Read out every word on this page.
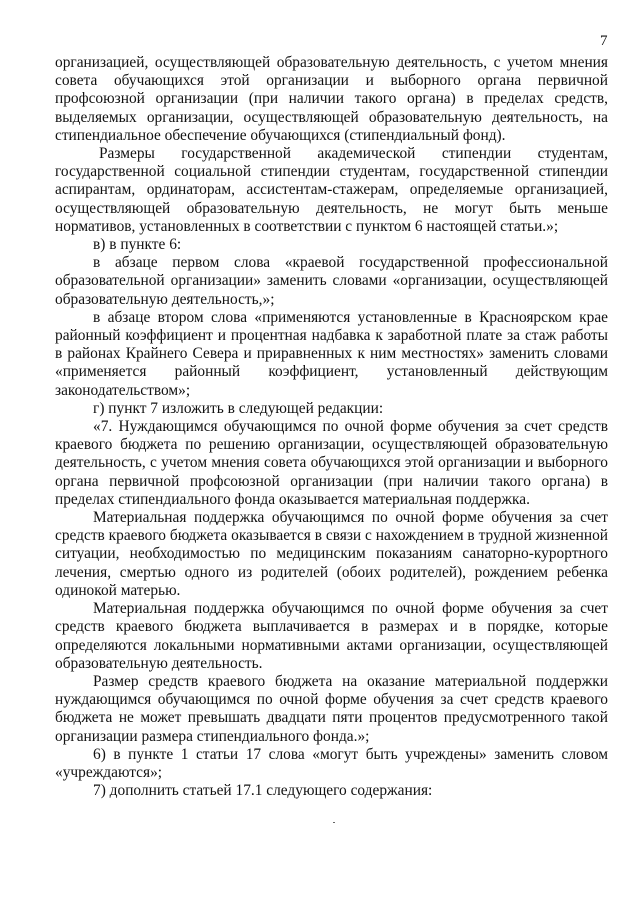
7

организацией, осуществляющей образовательную деятельность, с учетом мнения совета обучающихся этой организации и выборного органа первичной профсоюзной организации (при наличии такого органа) в пределах средств, выделяемых организации, осуществляющей образовательную деятельность, на стипендиальное обеспечение обучающихся (стипендиальный фонд).

Размеры государственной академической стипендии студентам, государственной социальной стипендии студентам, государственной стипендии аспирантам, ординаторам, ассистентам-стажерам, определяемые организацией, осуществляющей образовательную деятельность, не могут быть меньше нормативов, установленных в соответствии с пунктом 6 настоящей статьи.»;

в) в пункте 6:

в абзаце первом слова «краевой государственной профессиональной образовательной организации» заменить словами «организации, осуществляющей образовательную деятельность,»;

в абзаце втором слова «применяются установленные в Красноярском крае районный коэффициент и процентная надбавка к заработной плате за стаж работы в районах Крайнего Севера и приравненных к ним местностях» заменить словами «применяется районный коэффициент, установленный действующим законодательством»;

г) пункт 7 изложить в следующей редакции:

«7. Нуждающимся обучающимся по очной форме обучения за счет средств краевого бюджета по решению организации, осуществляющей образовательную деятельность, с учетом мнения совета обучающихся этой организации и выборного органа первичной профсоюзной организации (при наличии такого органа) в пределах стипендиального фонда оказывается материальная поддержка.

Материальная поддержка обучающимся по очной форме обучения за счет средств краевого бюджета оказывается в связи с нахождением в трудной жизненной ситуации, необходимостью по медицинским показаниям санаторно-курортного лечения, смертью одного из родителей (обоих родителей), рождением ребенка одинокой матерью.

Материальная поддержка обучающимся по очной форме обучения за счет средств краевого бюджета выплачивается в размерах и в порядке, которые определяются локальными нормативными актами организации, осуществляющей образовательную деятельность.

Размер средств краевого бюджета на оказание материальной поддержки нуждающимся обучающимся по очной форме обучения за счет средств краевого бюджета не может превышать двадцати пяти процентов предусмотренного такой организации размера стипендиального фонда.»;

6) в пункте 1 статьи 17 слова «могут быть учреждены» заменить словом «учреждаются»;

7) дополнить статьей 17.1 следующего содержания:
